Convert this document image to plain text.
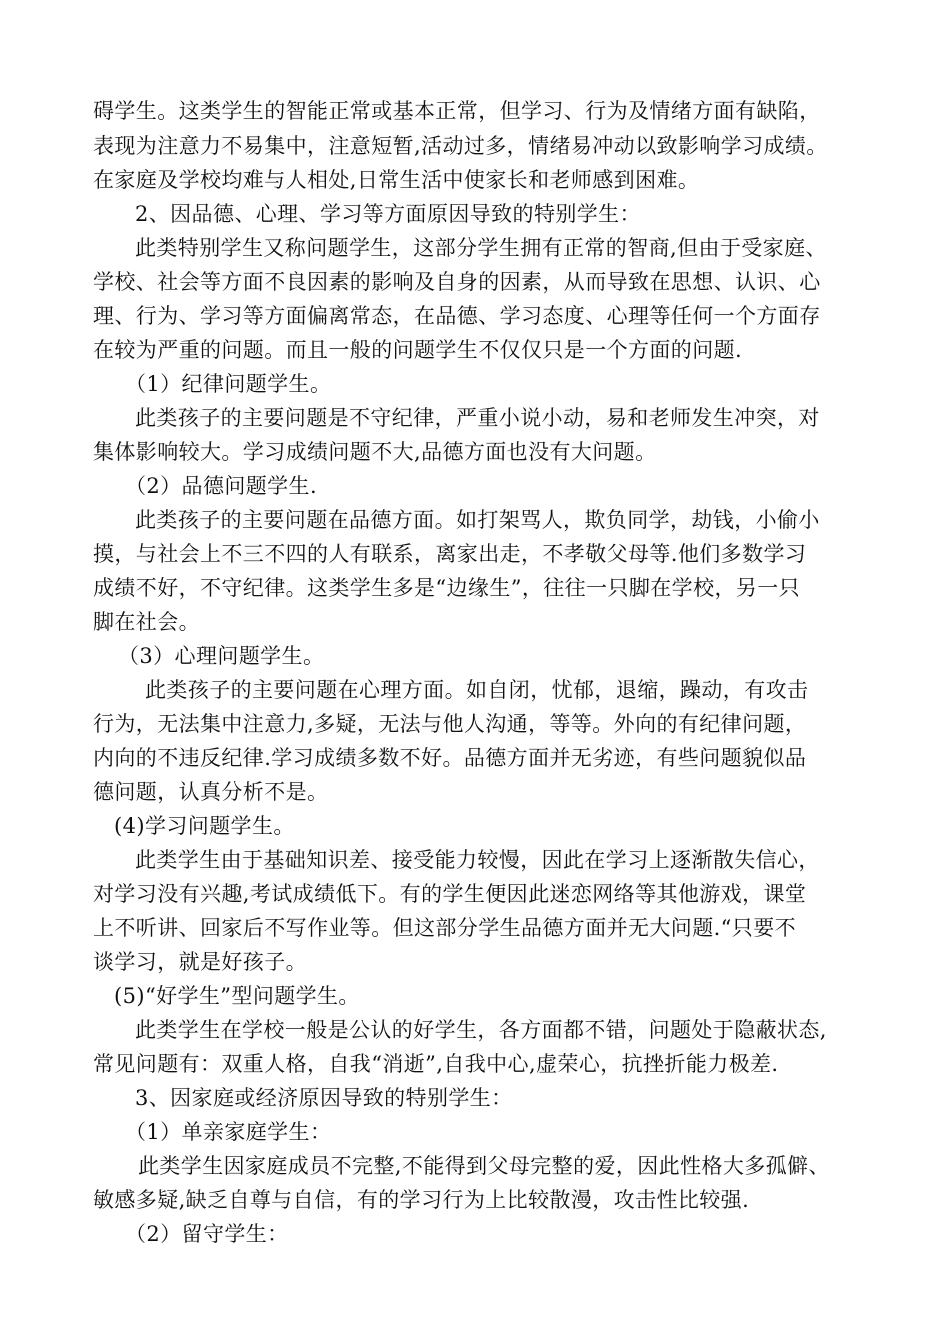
碍学生。这类学生的智能正常或基本正常，但学习、行为及情绪方面有缺陷，
表现为注意力不易集中，注意短暂,活动过多，情绪易冲动以致影响学习成绩。
在家庭及学校均难与人相处,日常生活中使家长和老师感到困难。
2、因品德、心理、学习等方面原因导致的特别学生：
此类特别学生又称问题学生，这部分学生拥有正常的智商,但由于受家庭、
学校、社会等方面不良因素的影响及自身的因素，从而导致在思想、认识、心
理、行为、学习等方面偏离常态，在品德、学习态度、心理等任何一个方面存
在较为严重的问题。而且一般的问题学生不仅仅只是一个方面的问题.
（1）纪律问题学生。
此类孩子的主要问题是不守纪律，严重小说小动，易和老师发生冲突，对
集体影响较大。学习成绩问题不大,品德方面也没有大问题。
（2）品德问题学生.
此类孩子的主要问题在品德方面。如打架骂人，欺负同学，劫钱，小偷小
摸，与社会上不三不四的人有联系，离家出走，不孝敬父母等.他们多数学习
成绩不好，不守纪律。这类学生多是“边缘生”，往往一只脚在学校，另一只
脚在社会。
（3）心理问题学生。
此类孩子的主要问题在心理方面。如自闭，忧郁，退缩，躁动，有攻击
行为，无法集中注意力,多疑，无法与他人沟通，等等。外向的有纪律问题，
内向的不违反纪律.学习成绩多数不好。品德方面并无劣迹，有些问题貌似品
德问题，认真分析不是。
(4)学习问题学生。
此类学生由于基础知识差、接受能力较慢，因此在学习上逐渐散失信心，
对学习没有兴趣,考试成绩低下。有的学生便因此迷恋网络等其他游戏，课堂
上不听讲、回家后不写作业等。但这部分学生品德方面并无大问题.“只要不
谈学习，就是好孩子。
(5)“好学生”型问题学生。
此类学生在学校一般是公认的好学生，各方面都不错，问题处于隐蔽状态,
常见问题有：双重人格，自我“消逝”,自我中心,虚荣心，抗挫折能力极差.
3、因家庭或经济原因导致的特别学生：
（1）单亲家庭学生：
此类学生因家庭成员不完整,不能得到父母完整的爱，因此性格大多孤僻、
敏感多疑,缺乏自尊与自信，有的学习行为上比较散漫，攻击性比较强.
（2）留守学生：
